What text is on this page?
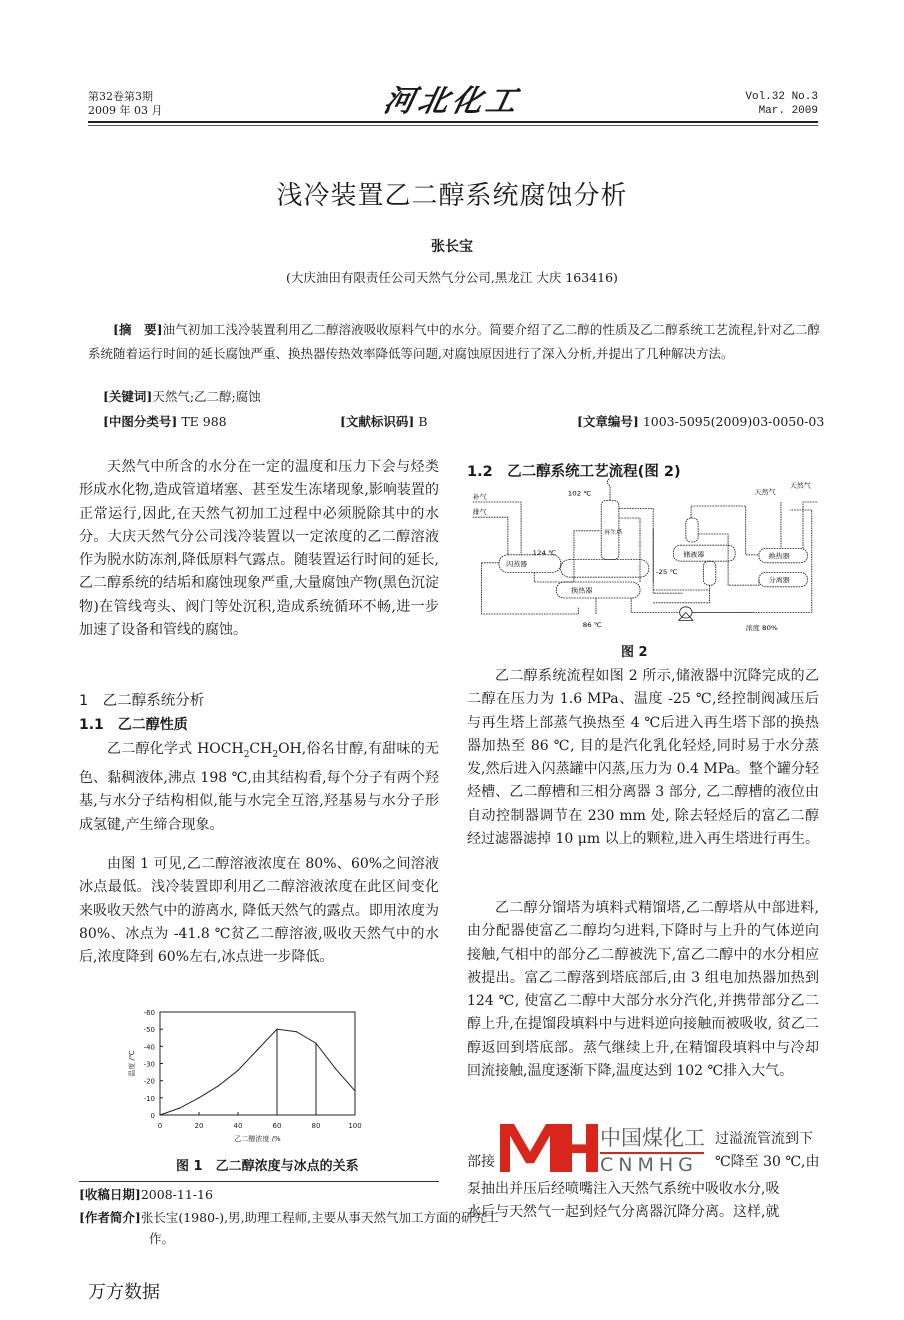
第32卷第3期
2009 年 03 月	河北化工	Vol.32 No.3
Mar. 2009
浅冷装置乙二醇系统腐蚀分析
张长宝
(大庆油田有限责任公司天然气分公司,黑龙江 大庆 163416)
[摘　要]油气初加工浅冷装置利用乙二醇溶液吸收原料气中的水分。简要介绍了乙二醇的性质及乙二醇系统工艺流程,针对乙二醇系统随着运行时间的延长腐蚀严重、换热器传热效率降低等问题,对腐蚀原因进行了深入分析,并提出了几种解决方法。
[关键词]天然气;乙二醇;腐蚀
[中图分类号] TE 988	[文献标识码] B	[文章编号] 1003-5095(2009)03-0050-03
天然气中所含的水分在一定的温度和压力下会与烃类形成水化物,造成管道堵塞、甚至发生冻堵现象,影响装置的正常运行,因此,在天然气初加工过程中必须脱除其中的水分。大庆天然气分公司浅冷装置以一定浓度的乙二醇溶液作为脱水防冻剂,降低原料气露点。随装置运行时间的延长,乙二醇系统的结垢和腐蚀现象严重,大量腐蚀产物(黑色沉淀物)在管线弯头、阀门等处沉积,造成系统循环不畅,进一步加速了设备和管线的腐蚀。
1　乙二醇系统分析
1.1　乙二醇性质
乙二醇化学式 $HOCH_2CH_2OH$,俗名甘醇,有甜味的无色、黏稠液体,沸点 198 ℃,由其结构看,每个分子有两个羟基,与水分子结构相似,能与水完全互溶,羟基易与水分子形成氢键,产生缔合现象。
由图 1 可见,乙二醇溶液浓度在 80%、60%之间溶液冰点最低。浅冷装置即利用乙二醇溶液浓度在此区间变化来吸收天然气中的游离水, 降低天然气的露点。即用浓度为 80%、冰点为 -41.8 ℃贫乙二醇溶液,吸收天然气中的水后,浓度降到 60%左右,冰点进一步降低。
0
-10
-20
-30
-40
-50
-60
0	20	40	60	80	100
乙二醇浓度 /%
温度 /℃
图 1　乙二醇浓度与冰点的关系
[收稿日期]2008-11-16
[作者简介]张长宝(1980-),男,助理工程师,主要从事天然气加工方面的研究工作。
万方数据
1.2　乙二醇系统工艺流程(图 2)
补气
排气
102 ℃
124 ℃
-25 ℃
86 ℃
闪蒸器
再生塔
换热器
储液器
天然气
天然气
换热器
分离器
浓度 80%
图 2
乙二醇系统流程如图 2 所示,储液器中沉降完成的乙二醇在压力为 1.6 MPa、温度 -25 ℃,经控制阀减压后与再生塔上部蒸气换热至 4 ℃后进入再生塔下部的换热器加热至 86 ℃, 目的是汽化乳化轻烃,同时易于水分蒸发,然后进入闪蒸罐中闪蒸,压力为 0.4 MPa。整个罐分轻烃槽、乙二醇槽和三相分离器 3 部分, 乙二醇槽的液位由自动控制器调节在 230 mm 处, 除去轻烃后的富乙二醇经过滤器滤掉 10 μm 以上的颗粒,进入再生塔进行再生。
乙二醇分馏塔为填料式精馏塔,乙二醇塔从中部进料,由分配器使富乙二醇均匀进料,下降时与上升的气体逆向接触,气相中的部分乙二醇被洗下,富乙二醇中的水分相应被提出。富乙二醇落到塔底部后,由 3 组电加热器加热到 124 ℃, 使富乙二醇中大部分水分汽化,并携带部分乙二醇上升,在提馏段填料中与进料逆向接触而被吸收, 贫乙二醇返回到塔底部。蒸气继续上升,在精馏段填料中与冷却回流接触,温度逐渐下降,温度达到 102 ℃排入大气。
中国煤化工
CNMHG
过溢流管流到下
部接	℃降至 30 ℃,由
泵抽出并压后经喷嘴注入天然气系统中吸收水分,吸
水后与天然气一起到烃气分离器沉降分离。这样,就
